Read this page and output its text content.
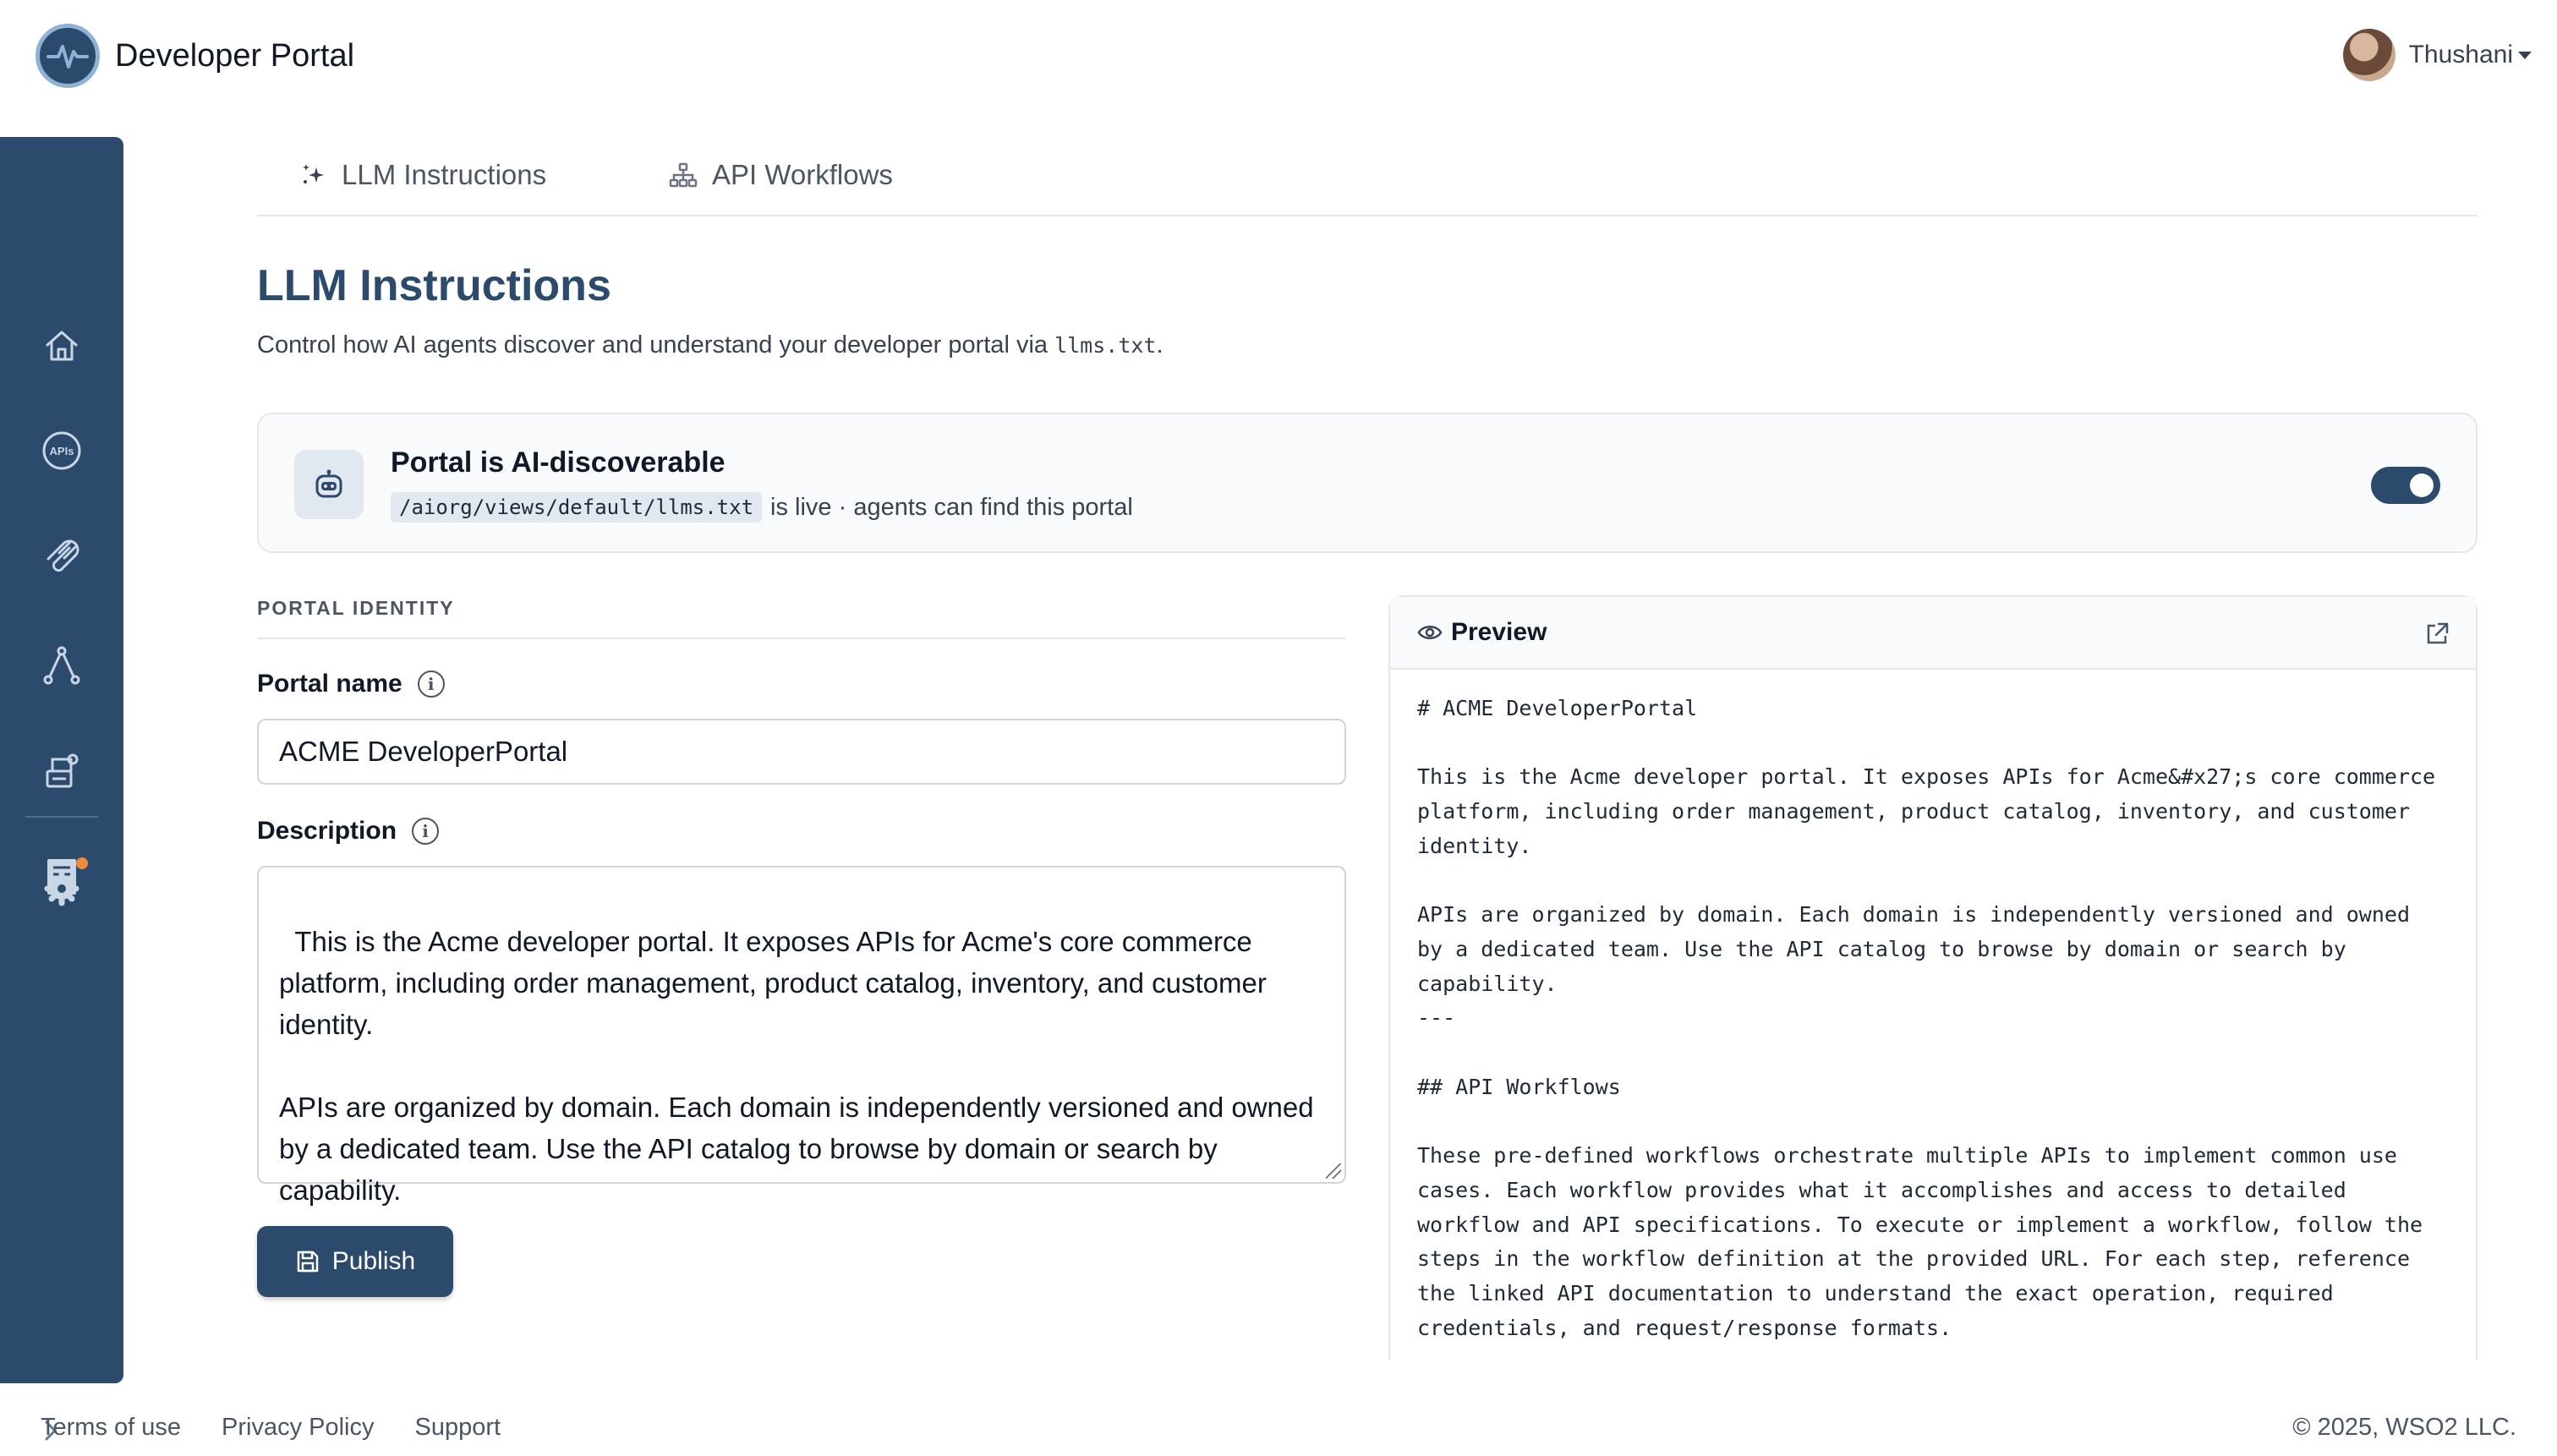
Developer Portal	Thushani
APIs
LLM Instructions	API Workflows
LLM Instructions
Control how AI agents discover and understand your developer portal via llms.txt.
Portal is AI-discoverable
/aiorg/views/default/llms.txt is live · agents can find this portal
PORTAL IDENTITY
Portal name	i
ACME DeveloperPortal
Description	i

This is the Acme developer portal. It exposes APIs for Acme's core commerce platform, including order management, product catalog, inventory, and customer identity.

APIs are organized by domain. Each domain is independently versioned and owned by a dedicated team. Use the API catalog to browse by domain or search by capability.

Publish
Preview
# ACME DeveloperPortal

This is the Acme developer portal. It exposes APIs for Acme&#x27;s core commerce
platform, including order management, product catalog, inventory, and customer
identity.

APIs are organized by domain. Each domain is independently versioned and owned
by a dedicated team. Use the API catalog to browse by domain or search by
capability.
---

## API Workflows

These pre-defined workflows orchestrate multiple APIs to implement common use
cases. Each workflow provides what it accomplishes and access to detailed
workflow and API specifications. To execute or implement a workflow, follow the
steps in the workflow definition at the provided URL. For each step, reference
the linked API documentation to understand the exact operation, required
credentials, and request/response formats.
Terms of use Privacy Policy Support	© 2025, WSO2 LLC.
